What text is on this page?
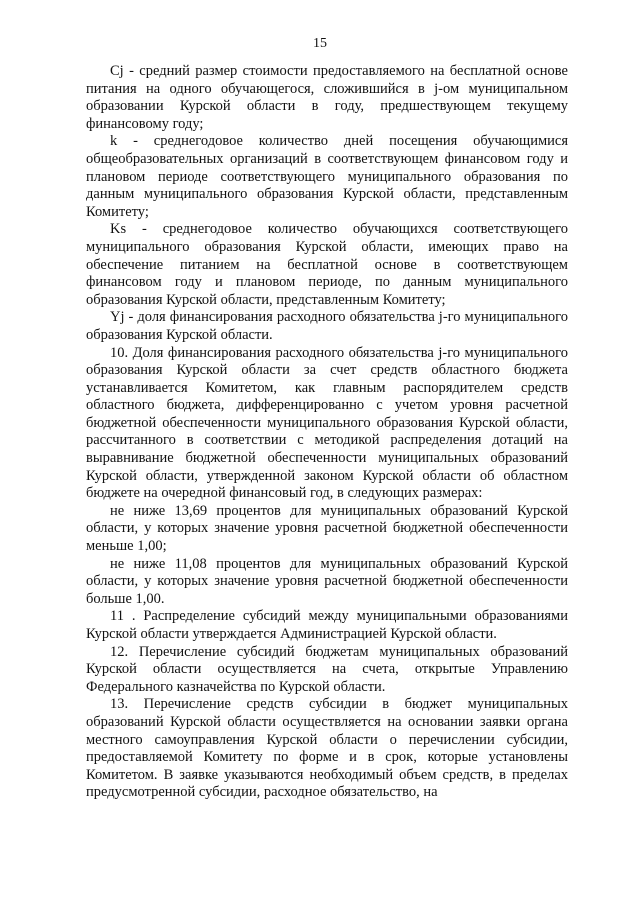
15

Cj - средний размер стоимости предоставляемого на бесплатной основе питания на одного обучающегося, сложившийся в j-ом муниципальном образовании Курской области в году, предшествующем текущему финансовому году;

k - среднегодовое количество дней посещения обучающимися общеобразовательных организаций в соответствующем финансовом году и плановом периоде соответствующего муниципального образования по данным муниципального образования Курской области, представленным Комитету;

Ks - среднегодовое количество обучающихся соответствующего муниципального образования Курской области, имеющих право на обеспечение питанием на бесплатной основе в соответствующем финансовом году и плановом периоде, по данным муниципального образования Курской области, представленным Комитету;

Yj - доля финансирования расходного обязательства j-го муниципального образования Курской области.

10. Доля финансирования расходного обязательства j-го муниципального образования Курской области за счет средств областного бюджета устанавливается Комитетом, как главным распорядителем средств областного бюджета, дифференцированно с учетом уровня расчетной бюджетной обеспеченности муниципального образования Курской области, рассчитанного в соответствии с методикой распределения дотаций на выравнивание бюджетной обеспеченности муниципальных образований Курской области, утвержденной законом Курской области об областном бюджете на очередной финансовый год, в следующих размерах:

не ниже 13,69 процентов для муниципальных образований Курской области, у которых значение уровня расчетной бюджетной обеспеченности меньше 1,00;

не ниже 11,08 процентов для муниципальных образований Курской области, у которых значение уровня расчетной бюджетной обеспеченности больше 1,00.

11 . Распределение субсидий между муниципальными образованиями Курской области утверждается Администрацией Курской области.

12. Перечисление субсидий бюджетам муниципальных образований Курской области осуществляется на счета, открытые Управлению Федерального казначейства по Курской области.

13. Перечисление средств субсидии в бюджет муниципальных образований Курской области осуществляется на основании заявки органа местного самоуправления Курской области о перечислении субсидии, предоставляемой Комитету по форме и в срок, которые установлены Комитетом. В заявке указываются необходимый объем средств, в пределах предусмотренной субсидии, расходное обязательство, на
